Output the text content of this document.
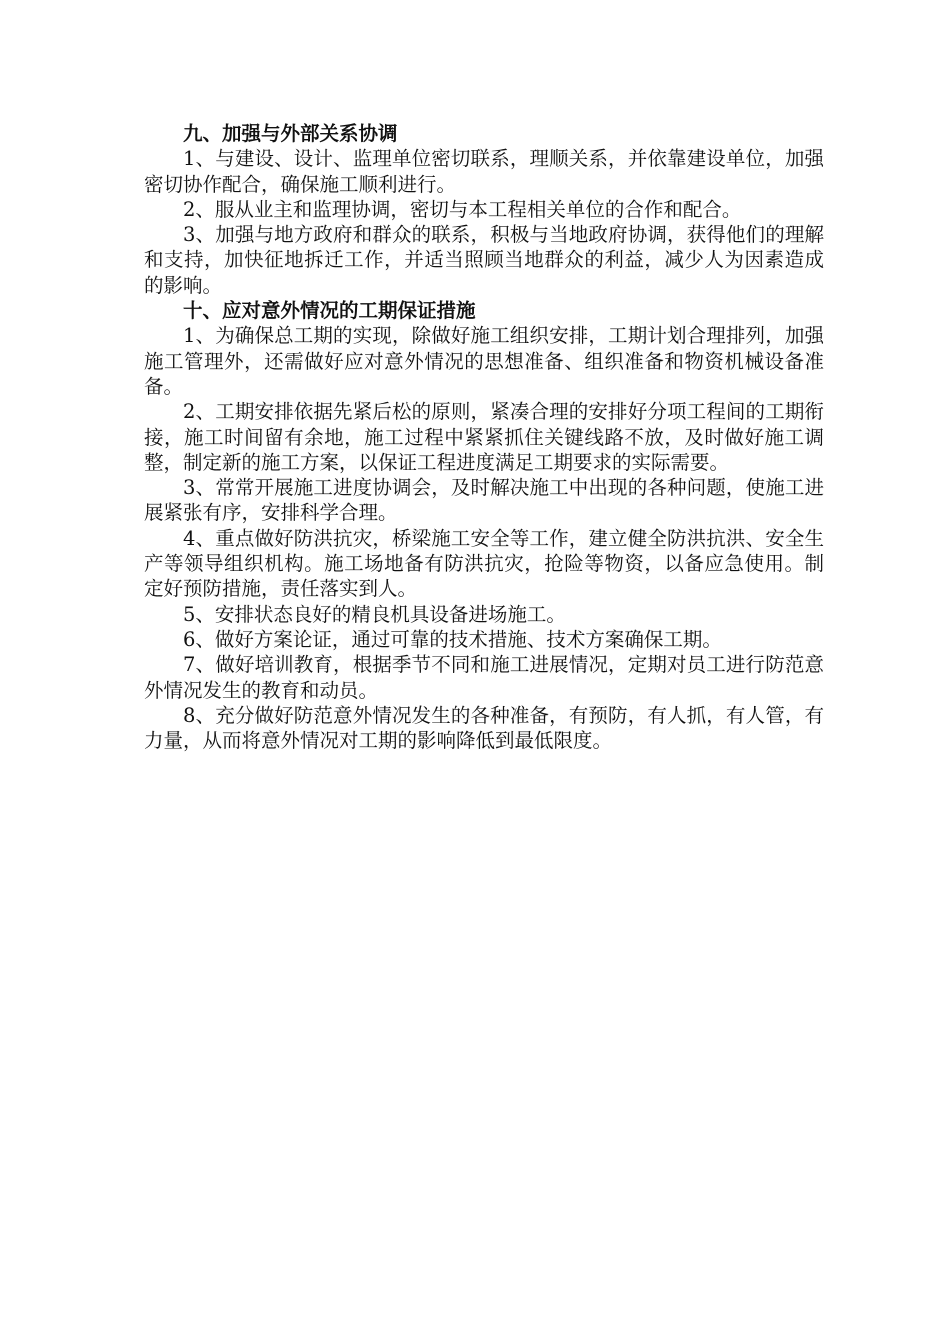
九、加强与外部关系协调

1、与建设、设计、监理单位密切联系，理顺关系，并依靠建设单位，加强密切协作配合，确保施工顺利进行。

2、服从业主和监理协调，密切与本工程相关单位的合作和配合。

3、加强与地方政府和群众的联系，积极与当地政府协调，获得他们的理解和支持，加快征地拆迁工作，并适当照顾当地群众的利益，减少人为因素造成的影响。

十、应对意外情况的工期保证措施

1、为确保总工期的实现，除做好施工组织安排，工期计划合理排列，加强施工管理外，还需做好应对意外情况的思想准备、组织准备和物资机械设备准备。

2、工期安排依据先紧后松的原则，紧凑合理的安排好分项工程间的工期衔接，施工时间留有余地，施工过程中紧紧抓住关键线路不放，及时做好施工调整，制定新的施工方案，以保证工程进度满足工期要求的实际需要。

3、常常开展施工进度协调会，及时解决施工中出现的各种问题，使施工进展紧张有序，安排科学合理。

4、重点做好防洪抗灾，桥梁施工安全等工作，建立健全防洪抗洪、安全生产等领导组织机构。施工场地备有防洪抗灾，抢险等物资，以备应急使用。制定好预防措施，责任落实到人。

5、安排状态良好的精良机具设备进场施工。

6、做好方案论证，通过可靠的技术措施、技术方案确保工期。

7、做好培训教育，根据季节不同和施工进展情况，定期对员工进行防范意外情况发生的教育和动员。

8、充分做好防范意外情况发生的各种准备，有预防，有人抓，有人管，有力量，从而将意外情况对工期的影响降低到最低限度。
